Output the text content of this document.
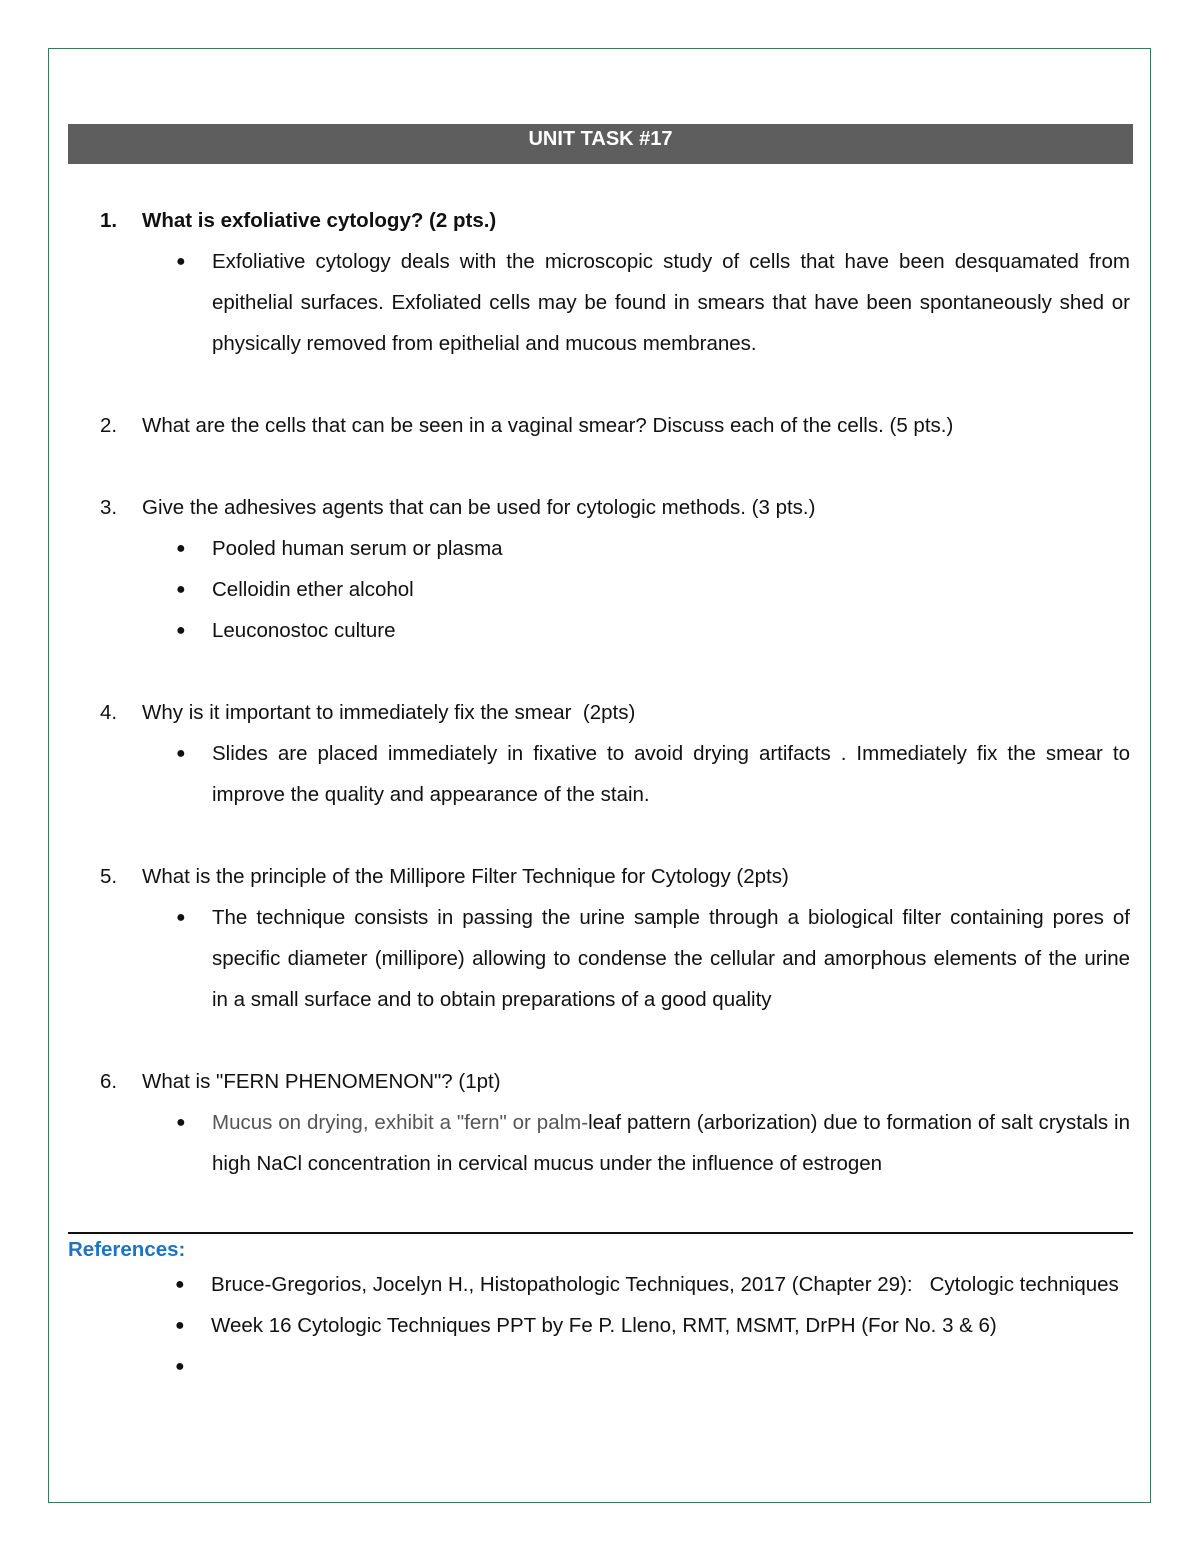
UNIT TASK #17
1.	What is exfoliative cytology? (2 pts.)
● Exfoliative cytology deals with the microscopic study of cells that have been desquamated from epithelial surfaces. Exfoliated cells may be found in smears that have been spontaneously shed or physically removed from epithelial and mucous membranes.
2.	What are the cells that can be seen in a vaginal smear? Discuss each of the cells. (5 pts.)
3.	Give the adhesives agents that can be used for cytologic methods. (3 pts.)
● Pooled human serum or plasma
● Celloidin ether alcohol
● Leuconostoc culture
4.	Why is it important to immediately fix the smear  (2pts)
● Slides are placed immediately in fixative to avoid drying artifacts . Immediately fix the smear to improve the quality and appearance of the stain.
5.	What is the principle of the Millipore Filter Technique for Cytology (2pts)
● The technique consists in passing the urine sample through a biological filter containing pores of specific diameter (millipore) allowing to condense the cellular and amorphous elements of the urine in a small surface and to obtain preparations of a good quality
6.	What is "FERN PHENOMENON"? (1pt)
● Mucus on drying, exhibit a "fern" or palm-leaf pattern (arborization) due to formation of salt crystals in high NaCl concentration in cervical mucus under the influence of estrogen
References:
● Bruce-Gregorios, Jocelyn H., Histopathologic Techniques, 2017 (Chapter 29):   Cytologic techniques
● Week 16 Cytologic Techniques PPT by Fe P. Lleno, RMT, MSMT, DrPH (For No. 3 & 6)
●
